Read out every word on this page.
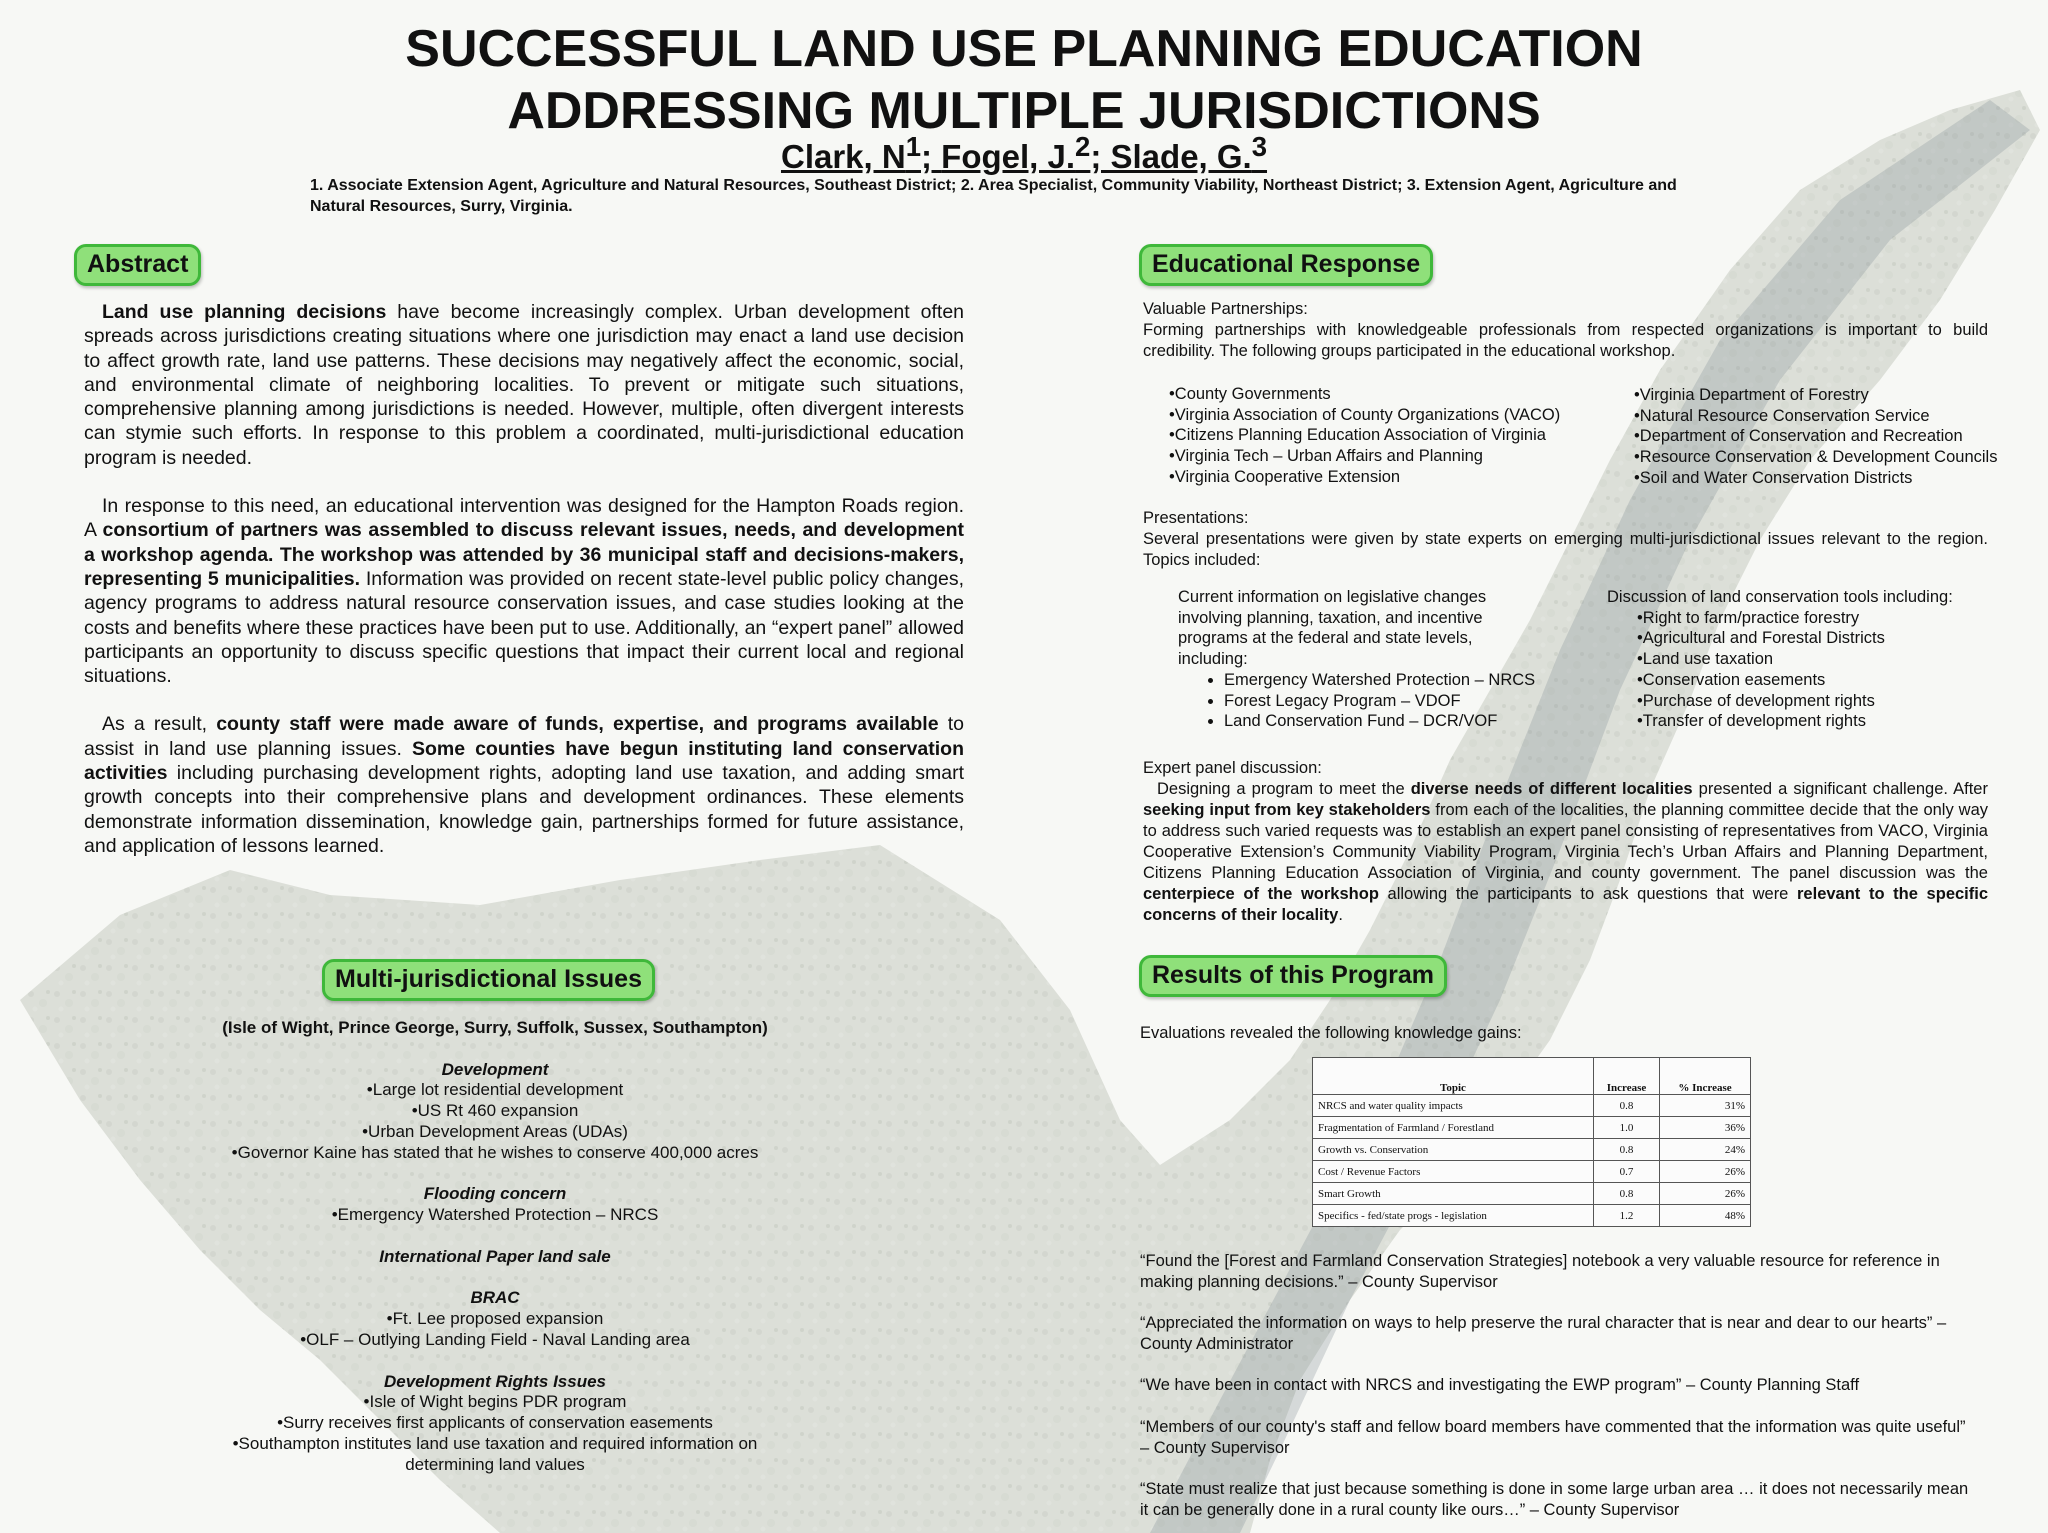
SUCCESSFUL LAND USE PLANNING EDUCATION
ADDRESSING MULTIPLE JURISDICTIONS
Clark, $N^1$; Fogel, J.$^2$; Slade, G.$^3$
1. Associate Extension Agent, Agriculture and Natural Resources, Southeast District; 2. Area Specialist, Community Viability, Northeast District; 3. Extension Agent, Agriculture and Natural Resources, Surry, Virginia.
Abstract

Land use planning decisions have become increasingly complex. Urban development often spreads across jurisdictions creating situations where one jurisdiction may enact a land use decision to affect growth rate, land use patterns. These decisions may negatively affect the economic, social, and environmental climate of neighboring localities. To prevent or mitigate such situations, comprehensive planning among jurisdictions is needed. However, multiple, often divergent interests can stymie such efforts. In response to this problem a coordinated, multi-jurisdictional education program is needed.

In response to this need, an educational intervention was designed for the Hampton Roads region. A consortium of partners was assembled to discuss relevant issues, needs, and development a workshop agenda. The workshop was attended by 36 municipal staff and decisions-makers, representing 5 municipalities. Information was provided on recent state-level public policy changes, agency programs to address natural resource conservation issues, and case studies looking at the costs and benefits where these practices have been put to use. Additionally, an “expert panel” allowed participants an opportunity to discuss specific questions that impact their current local and regional situations.

As a result, county staff were made aware of funds, expertise, and programs available to assist in land use planning issues. Some counties have begun instituting land conservation activities including purchasing development rights, adopting land use taxation, and adding smart growth concepts into their comprehensive plans and development ordinances. These elements demonstrate information dissemination, knowledge gain, partnerships formed for future assistance, and application of lessons learned.

Multi-jurisdictional Issues
(Isle of Wight, Prince George, Surry, Suffolk, Sussex, Southampton)
Development
•Large lot residential development
•US Rt 460 expansion
•Urban Development Areas (UDAs)
•Governor Kaine has stated that he wishes to conserve 400,000 acres
Flooding concern
•Emergency Watershed Protection – NRCS
International Paper land sale
BRAC
•Ft. Lee proposed expansion
•OLF – Outlying Landing Field - Naval Landing area
Development Rights Issues
•Isle of Wight begins PDR program
•Surry receives first applicants of conservation easements
•Southampton institutes land use taxation and required information on
determining land values
Educational Response

Valuable Partnerships:

Forming partnerships with knowledgeable professionals from respected organizations is important to build credibility. The following groups participated in the educational workshop.

•County Governments
•Virginia Association of County Organizations (VACO)
•Citizens Planning Education Association of Virginia
•Virginia Tech – Urban Affairs and Planning
•Virginia Cooperative Extension
•Virginia Department of Forestry
•Natural Resource Conservation Service
•Department of Conservation and Recreation
•Resource Conservation & Development Councils
•Soil and Water Conservation Districts

Presentations:

Several presentations were given by state experts on emerging multi-jurisdictional issues relevant to the region. Topics included:

Current information on legislative changes
involving planning, taxation, and incentive
programs at the federal and state levels,
including:
• Emergency Watershed Protection – NRCS
• Forest Legacy Program – VDOF
• Land Conservation Fund – DCR/VOF
Discussion of land conservation tools including:
•Right to farm/practice forestry
•Agricultural and Forestal Districts
•Land use taxation
•Conservation easements
•Purchase of development rights
•Transfer of development rights

Expert panel discussion:

Designing a program to meet the diverse needs of different localities presented a significant challenge. After seeking input from key stakeholders from each of the localities, the planning committee decide that the only way to address such varied requests was to establish an expert panel consisting of representatives from VACO, Virginia Cooperative Extension’s Community Viability Program, Virginia Tech’s Urban Affairs and Planning Department, Citizens Planning Education Association of Virginia, and county government. The panel discussion was the centerpiece of the workshop allowing the participants to ask questions that were relevant to the specific concerns of their locality.

Results of this Program
Evaluations revealed the following knowledge gains:
Topic	Increase	% Increase
NRCS and water quality impacts	0.8	31%
Fragmentation of Farmland / Forestland	1.0	36%
Growth vs. Conservation	0.8	24%
Cost / Revenue Factors	0.7	26%
Smart Growth	0.8	26%
Specifics - fed/state progs - legislation	1.2	48%
“Found the [Forest and Farmland Conservation Strategies] notebook a very valuable resource for reference in making planning decisions.” – County Supervisor
“Appreciated the information on ways to help preserve the rural character that is near and dear to our hearts” – County Administrator
“We have been in contact with NRCS and investigating the EWP program” – County Planning Staff
“Members of our county's staff and fellow board members have commented that the information was quite useful” – County Supervisor
“State must realize that just because something is done in some large urban area … it does not necessarily mean it can be generally done in a rural county like ours…” – County Supervisor
